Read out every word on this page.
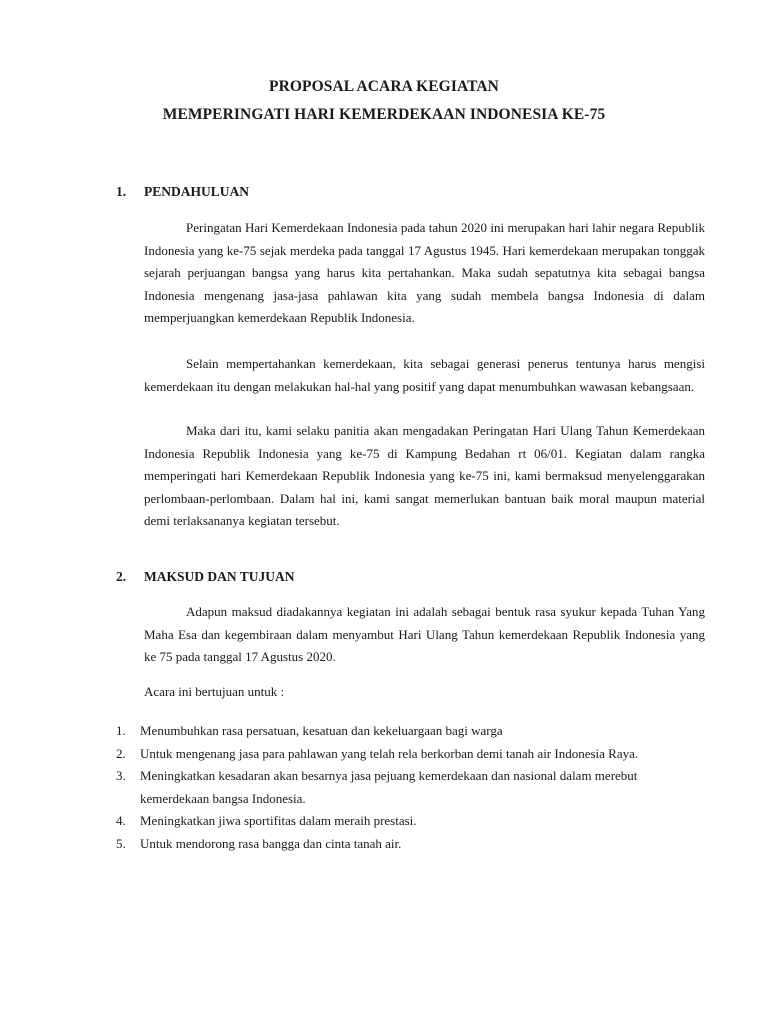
PROPOSAL ACARA KEGIATAN
MEMPERINGATI HARI KEMERDEKAAN INDONESIA KE-75
1. PENDAHULUAN

Peringatan Hari Kemerdekaan Indonesia pada tahun 2020 ini merupakan hari lahir negara Republik Indonesia yang ke-75 sejak merdeka pada tanggal 17 Agustus 1945. Hari kemerdekaan merupakan tonggak sejarah perjuangan bangsa yang harus kita pertahankan. Maka sudah sepatutnya kita sebagai bangsa Indonesia mengenang jasa-jasa pahlawan kita yang sudah membela bangsa Indonesia di dalam memperjuangkan kemerdekaan Republik Indonesia.

Selain mempertahankan kemerdekaan, kita sebagai generasi penerus tentunya harus mengisi kemerdekaan itu dengan melakukan hal-hal yang positif yang dapat menumbuhkan wawasan kebangsaan.

Maka dari itu, kami selaku panitia akan mengadakan Peringatan Hari Ulang Tahun Kemerdekaan Indonesia Republik Indonesia yang ke-75 di Kampung Bedahan rt 06/01. Kegiatan dalam rangka memperingati hari Kemerdekaan Republik Indonesia yang ke-75 ini, kami bermaksud menyelenggarakan perlombaan-perlombaan. Dalam hal ini, kami sangat memerlukan bantuan baik moral maupun material demi terlaksananya kegiatan tersebut.

2. MAKSUD DAN TUJUAN

Adapun maksud diadakannya kegiatan ini adalah sebagai bentuk rasa syukur kepada Tuhan Yang Maha Esa dan kegembiraan dalam menyambut Hari Ulang Tahun kemerdekaan Republik Indonesia yang ke 75 pada tanggal 17 Agustus 2020.

Acara ini bertujuan untuk :
1. Menumbuhkan rasa persatuan, kesatuan dan kekeluargaan bagi warga
2. Untuk mengenang jasa para pahlawan yang telah rela berkorban demi tanah air Indonesia Raya.
3. Meningkatkan kesadaran akan besarnya jasa pejuang kemerdekaan dan nasional dalam merebut kemerdekaan bangsa Indonesia.
4. Meningkatkan jiwa sportifitas dalam meraih prestasi.
5. Untuk mendorong rasa bangga dan cinta tanah air.
